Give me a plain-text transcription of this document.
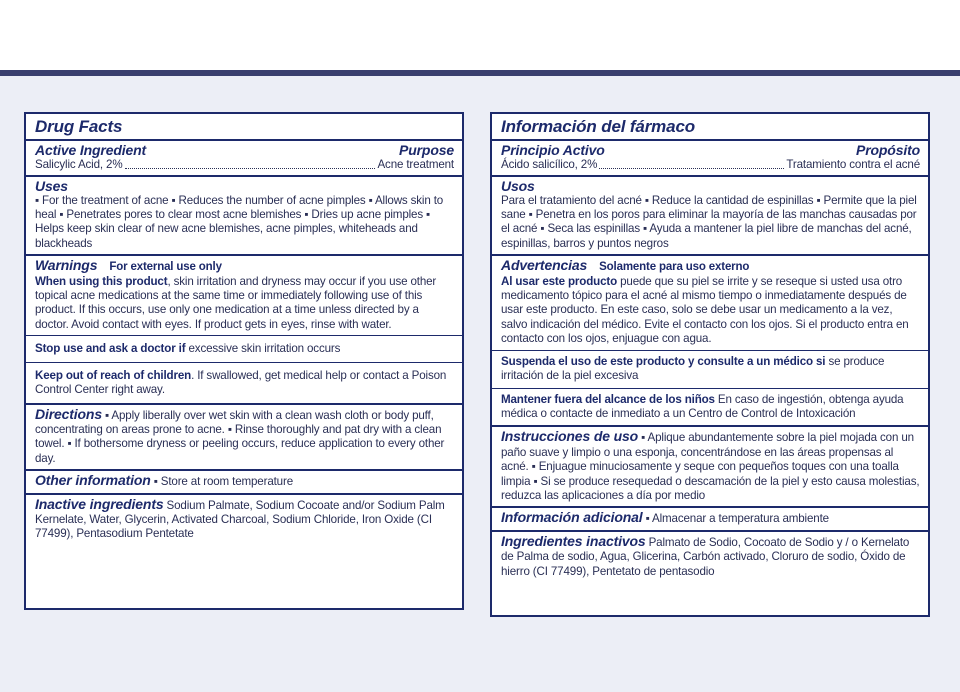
Drug Facts
Active Ingredient	Purpose
Salicylic Acid, 2%	Acne treatment
Uses
▪ For the treatment of acne ▪ Reduces the number of acne pimples ▪ Allows skin to heal ▪ Penetrates pores to clear most acne blemishes ▪ Dries up acne pimples ▪ Helps keep skin clear of new acne blemishes, acne pimples, whiteheads and blackheads
Warnings For external use only
When using this product, skin irritation and dryness may occur if you use other topical acne medications at the same time or immediately following use of this product. If this occurs, use only one medication at a time unless directed by a doctor. Avoid contact with eyes. If product gets in eyes, rinse with water.
Stop use and ask a doctor if excessive skin irritation occurs
Keep out of reach of children. If swallowed, get medical help or contact a Poison Control Center right away.
Directions ▪ Apply liberally over wet skin with a clean wash cloth or body puff, concentrating on areas prone to acne. ▪ Rinse thoroughly and pat dry with a clean towel. ▪ If bothersome dryness or peeling occurs, reduce application to every other day.
Other information ▪ Store at room temperature
Inactive ingredients Sodium Palmate, Sodium Cocoate and/or Sodium Palm Kernelate, Water, Glycerin, Activated Charcoal, Sodium Chloride, Iron Oxide (CI 77499), Pentasodium Pentetate
Información del fármaco
Principio Activo	Propósito
Ácido salicílico, 2%	Tratamiento contra el acné
Usos
Para el tratamiento del acné ▪ Reduce la cantidad de espinillas ▪ Permite que la piel sane ▪ Penetra en los poros para eliminar la mayoría de las manchas causadas por el acné ▪ Seca las espinillas ▪ Ayuda a mantener la piel libre de manchas del acné, espinillas, barros y puntos negros
Advertencias Solamente para uso externo
Al usar este producto puede que su piel se irrite y se reseque si usted usa otro medicamento tópico para el acné al mismo tiempo o inmediatamente después de usar este producto. En este caso, solo se debe usar un medicamento a la vez, salvo indicación del médico. Evite el contacto con los ojos. Si el producto entra en contacto con los ojos, enjuague con agua.
Suspenda el uso de este producto y consulte a un médico si se produce irritación de la piel excesiva
Mantener fuera del alcance de los niños En caso de ingestión, obtenga ayuda médica o contacte de inmediato a un Centro de Control de Intoxicación
Instrucciones de uso ▪ Aplique abundantemente sobre la piel mojada con un paño suave y limpio o una esponja, concentrándose en las áreas propensas al acné. ▪ Enjuague minuciosamente y seque con pequeños toques con una toalla limpia ▪ Si se produce resequedad o descamación de la piel y esto causa molestias, reduzca las aplicaciones a día por medio
Información adicional ▪ Almacenar a temperatura ambiente
Ingredientes inactivos Palmato de Sodio, Cocoato de Sodio y / o Kernelato de Palma de sodio, Agua, Glicerina, Carbón activado, Cloruro de sodio, Óxido de hierro (CI 77499), Pentetato de pentasodio
